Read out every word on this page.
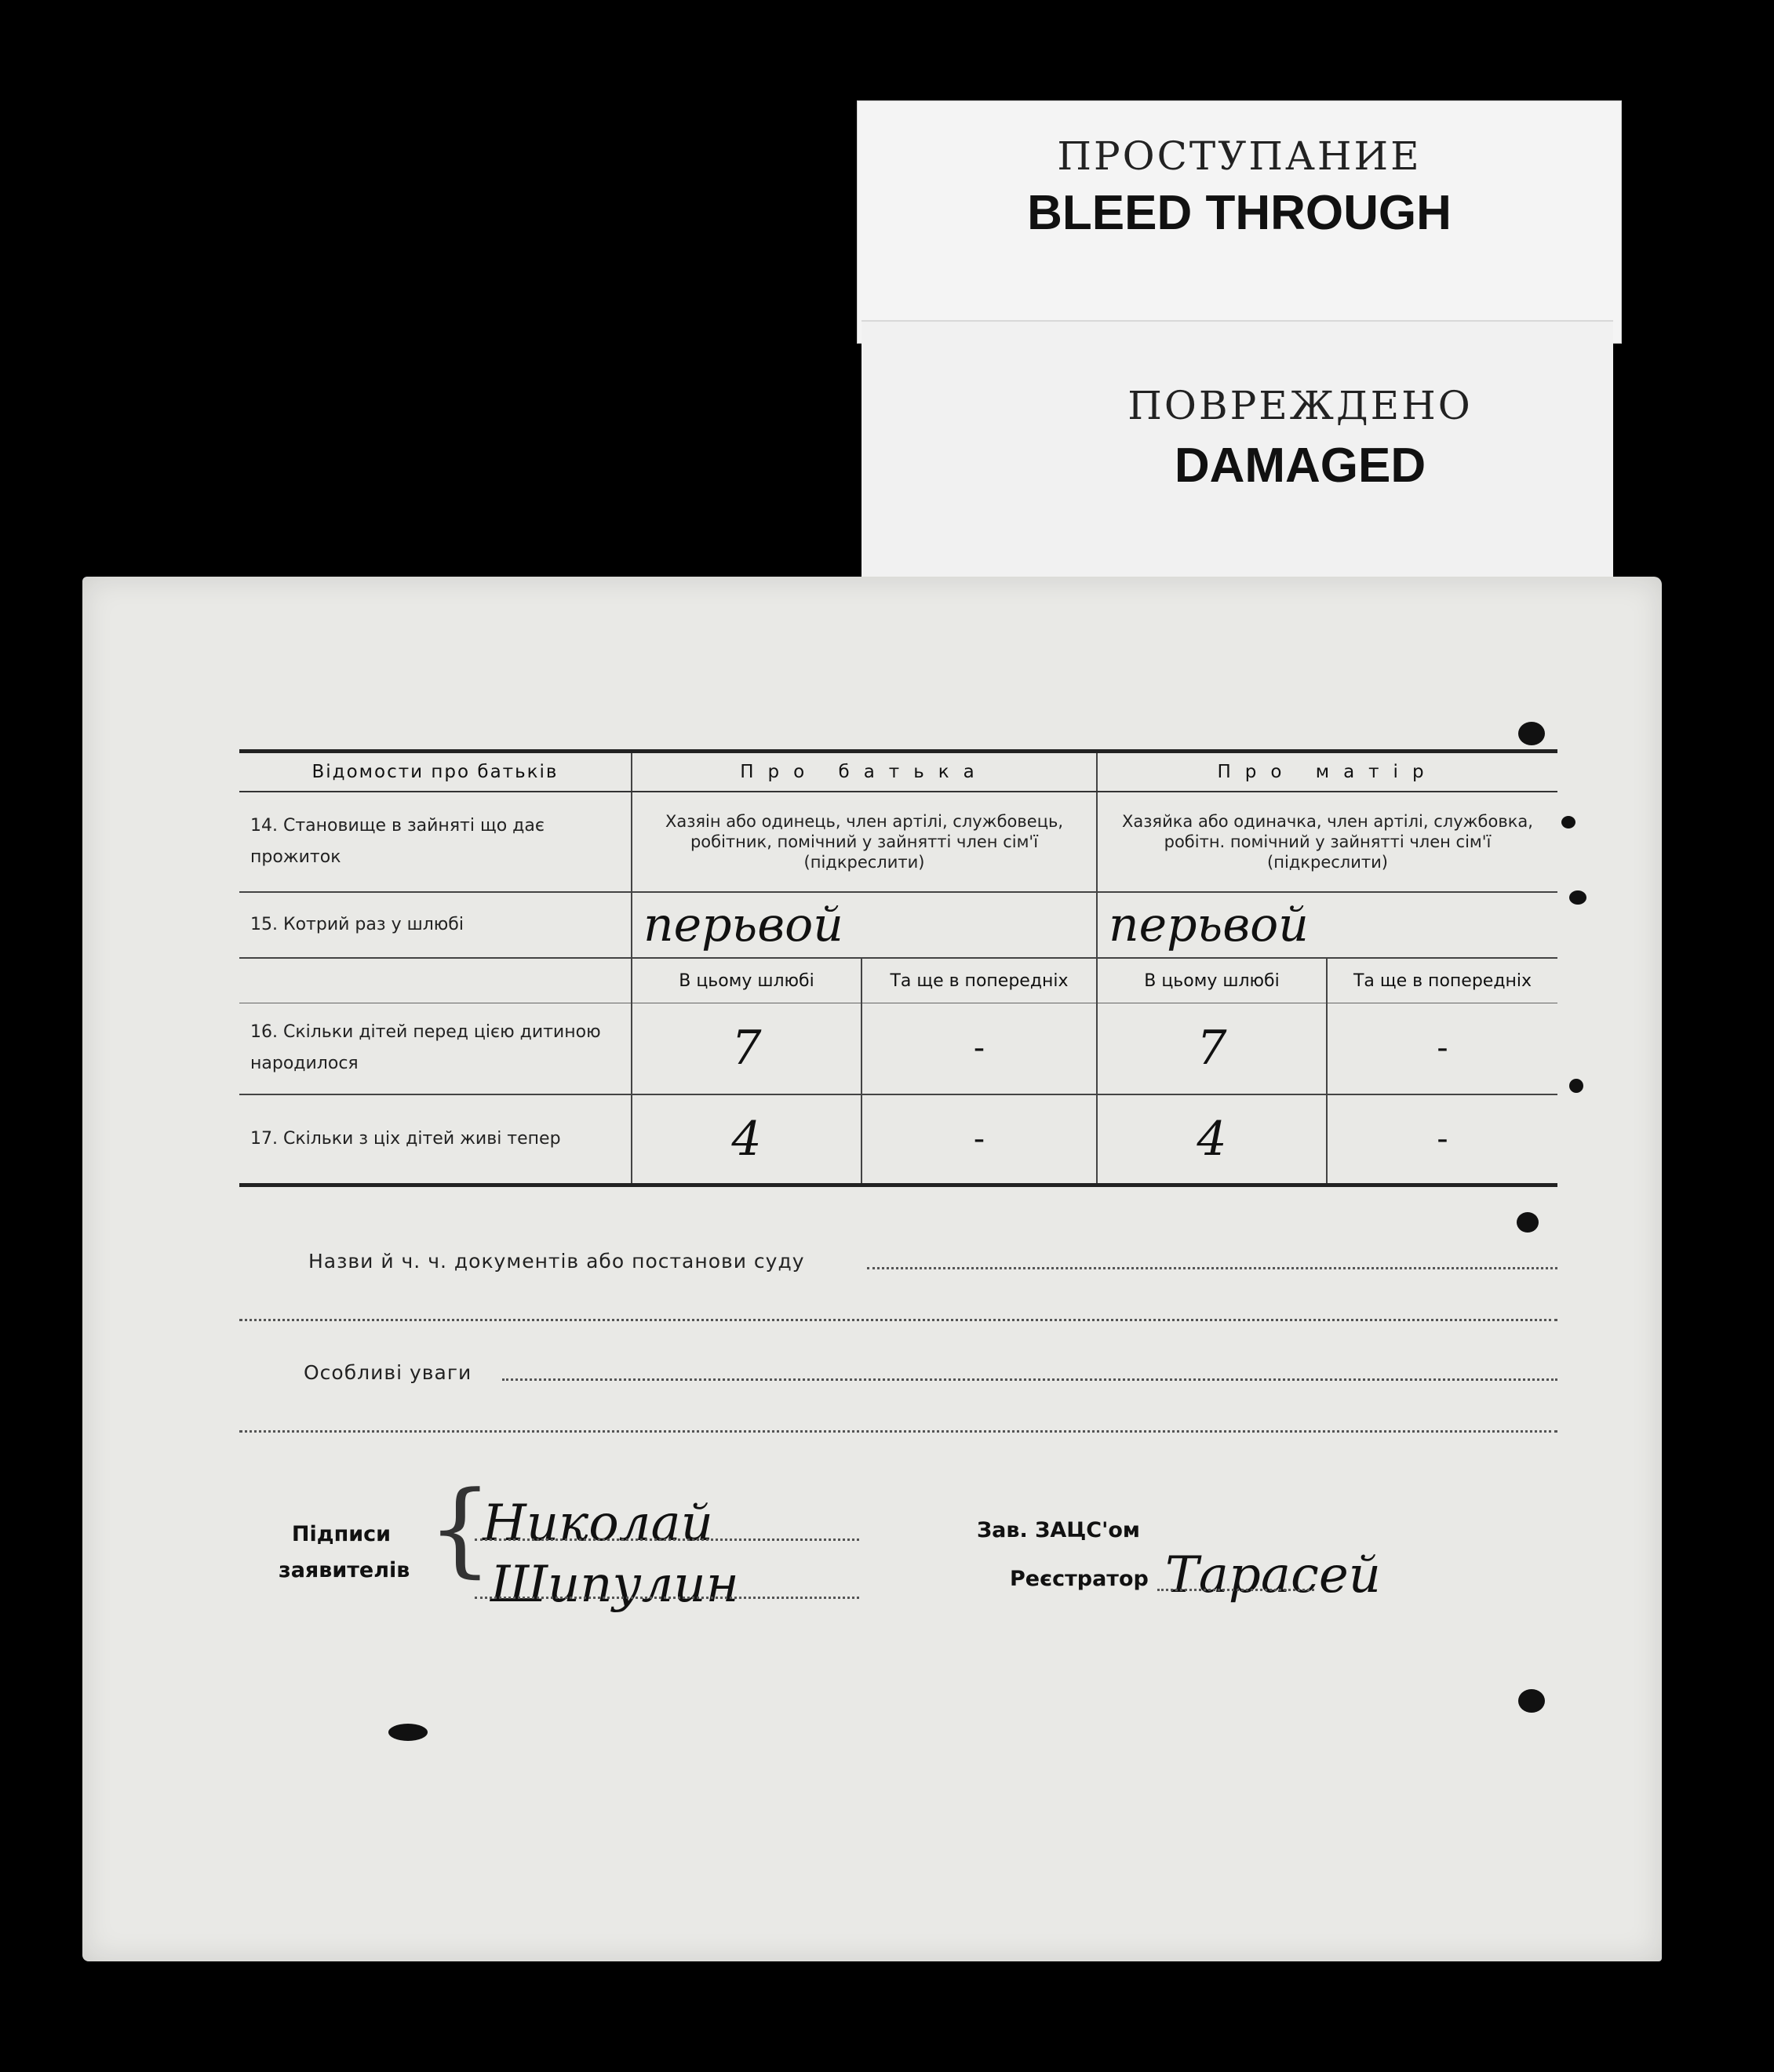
ПРОСТУПАНИЕ
BLEED THROUGH
ПОВРЕЖДЕНО
DAMAGED
Відомости про батьків	Про батька		Про матір	
14. Становище в зайняті що дає прожиток	Хазяін або одинець, член артілі, службовець, робітник, помічний у зайнятті член сім'ї (підкреслити)		Хазяйка або одиначка, член артілі, службовка, робітн. помічний у зайнятті член сім'ї (підкреслити)	
15. Котрий раз у шлюбі	перьвой		перьвой	
	В цьому шлюбі	Та ще в попередніх	В цьому шлюбі	Та ще в попередніх
16. Скільки дітей перед цією дитиною народилося	7	-	7	-
17. Скільки з ціх дітей живі тепер	4	-	4	-
Назви й ч. ч. документів або постанови суду
Особливі уваги
Підписи
заявителів {
Николай
Шипулин
Зав. ЗАЦС'ом
Реєстратор Тарасей
